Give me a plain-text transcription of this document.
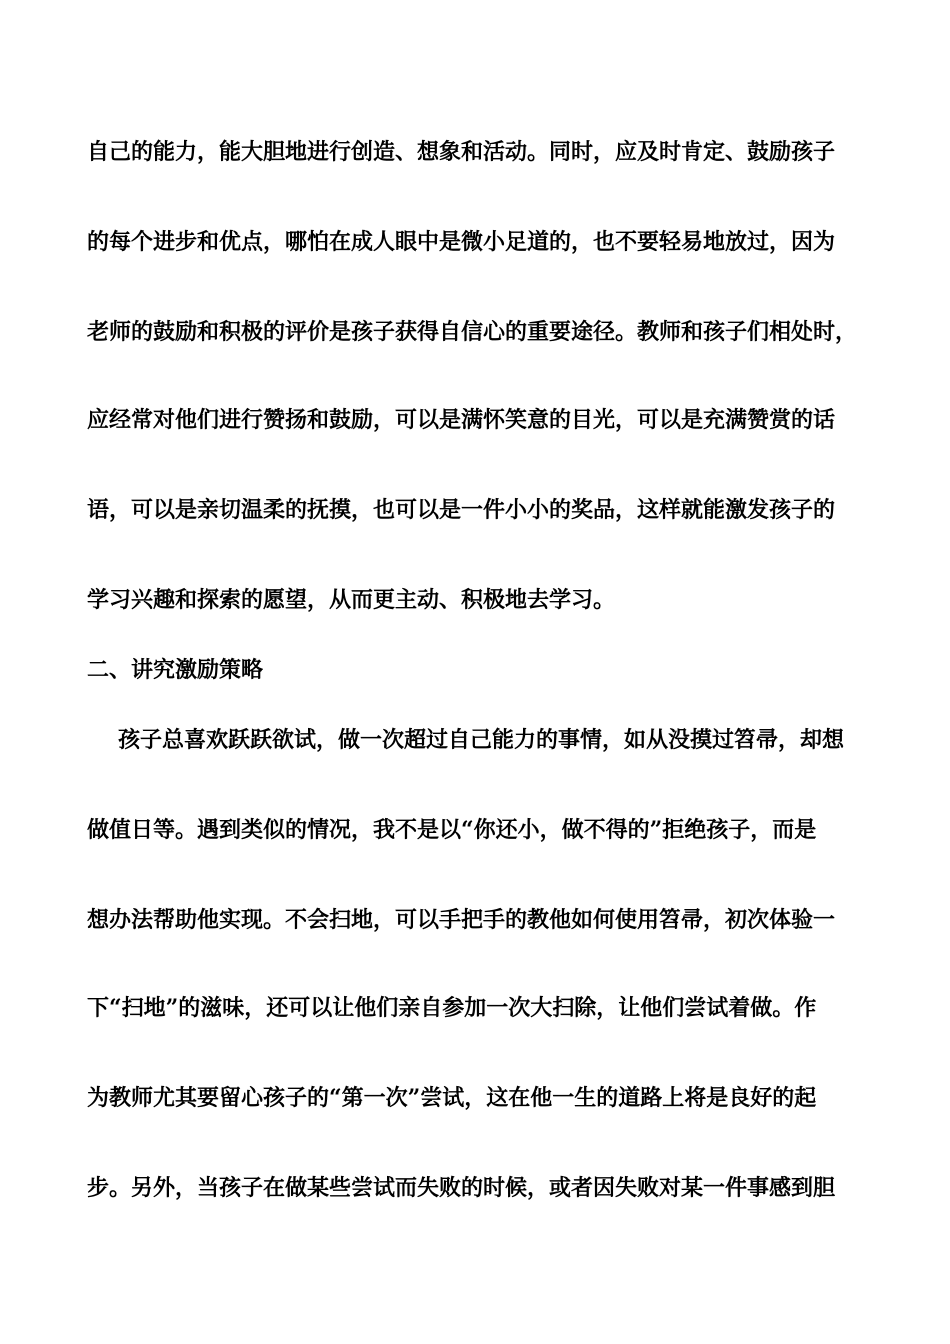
自己的能力，能大胆地进行创造、想象和活动。同时，应及时肯定、鼓励孩子
的每个进步和优点，哪怕在成人眼中是微小足道的，也不要轻易地放过，因为
老师的鼓励和积极的评价是孩子获得自信心的重要途径。教师和孩子们相处时，
应经常对他们进行赞扬和鼓励，可以是满怀笑意的目光，可以是充满赞赏的话
语，可以是亲切温柔的抚摸，也可以是一件小小的奖品，这样就能激发孩子的
学习兴趣和探索的愿望，从而更主动、积极地去学习。
二、讲究激励策略
孩子总喜欢跃跃欲试，做一次超过自己能力的事情，如从没摸过笤帚，却想
做值日等。遇到类似的情况，我不是以“你还小，做不得的”拒绝孩子，而是
想办法帮助他实现。不会扫地，可以手把手的教他如何使用笤帚，初次体验一
下“扫地”的滋味，还可以让他们亲自参加一次大扫除，让他们尝试着做。作
为教师尤其要留心孩子的“第一次”尝试，这在他一生的道路上将是良好的起
步。另外，当孩子在做某些尝试而失败的时候，或者因失败对某一件事感到胆
